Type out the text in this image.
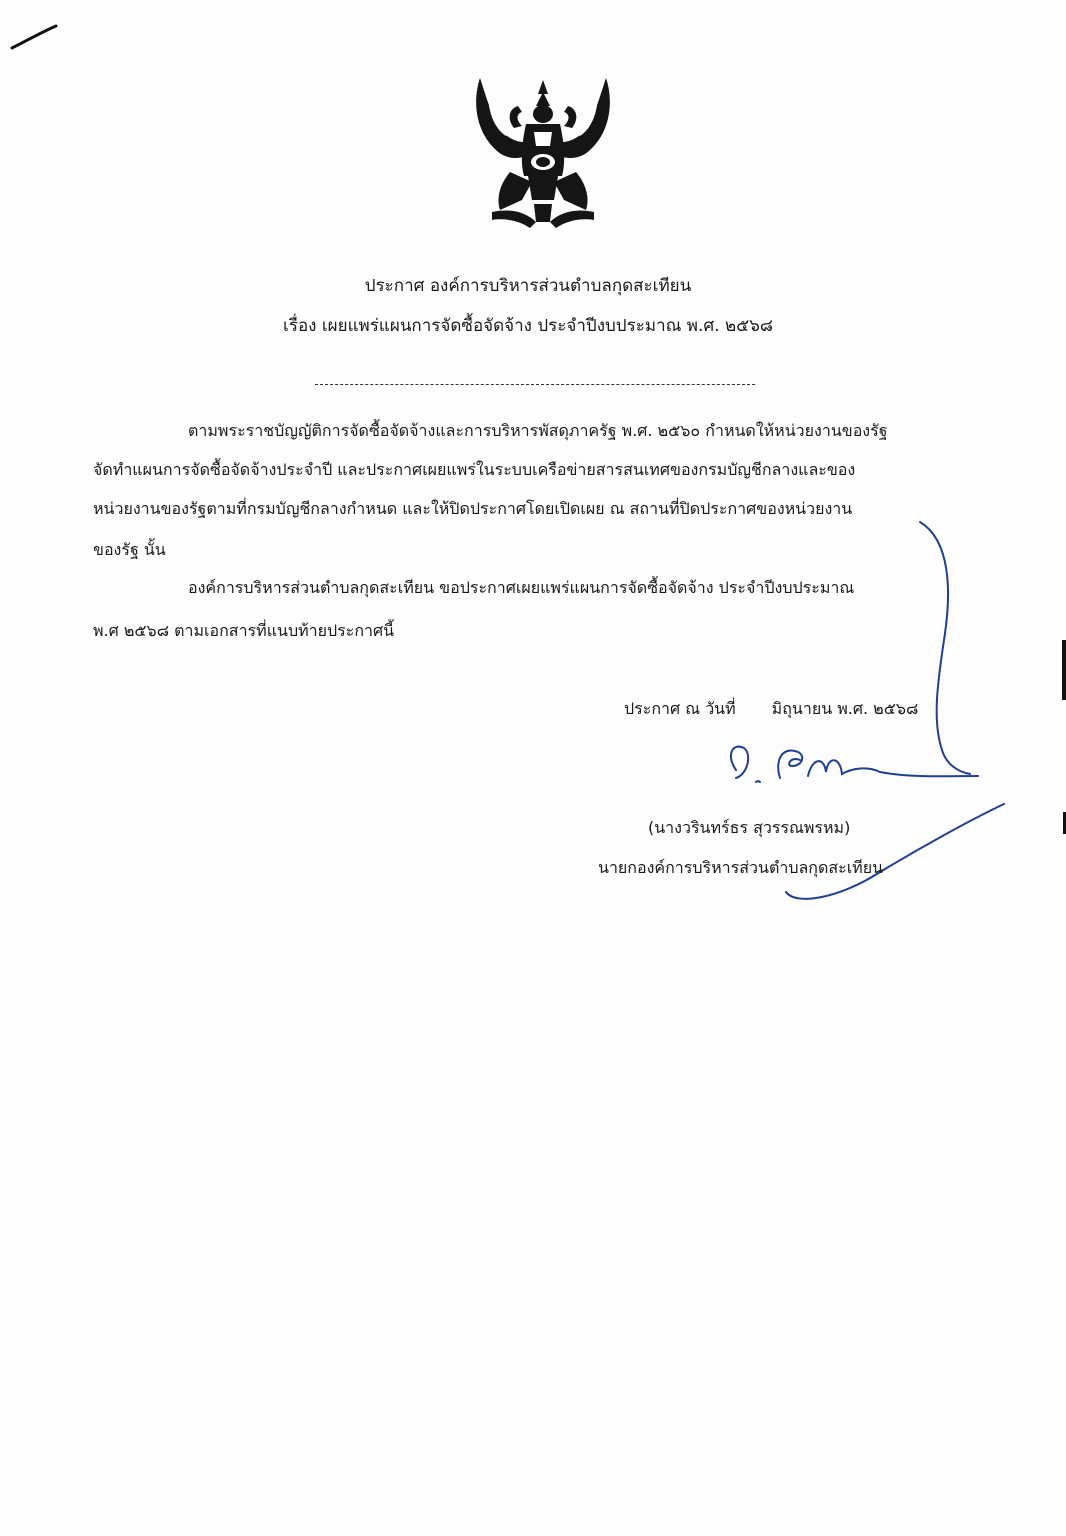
ประกาศ องค์การบริหารส่วนตำบลกุดสะเทียน
เรื่อง เผยแพร่แผนการจัดซื้อจัดจ้าง ประจำปีงบประมาณ พ.ศ. ๒๕๖๘
ตามพระราชบัญญัติการจัดซื้อจัดจ้างและการบริหารพัสดุภาครัฐ พ.ศ. ๒๕๖๐ กำหนดให้หน่วยงานของรัฐ
จัดทำแผนการจัดซื้อจัดจ้างประจำปี และประกาศเผยแพร่ในระบบเครือข่ายสารสนเทศของกรมบัญชีกลางและของ
หน่วยงานของรัฐตามที่กรมบัญชีกลางกำหนด และให้ปิดประกาศโดยเปิดเผย ณ สถานที่ปิดประกาศของหน่วยงาน
ของรัฐ นั้น
องค์การบริหารส่วนตำบลกุดสะเทียน ขอประกาศเผยแพร่แผนการจัดซื้อจัดจ้าง ประจำปีงบประมาณ
พ.ศ ๒๕๖๘ ตามเอกสารที่แนบท้ายประกาศนี้
ประกาศ ณ วันที่ มิถุนายน พ.ศ. ๒๕๖๘
(นางวรินทร์ธร สุวรรณพรหม)
นายกองค์การบริหารส่วนตำบลกุดสะเทียน
